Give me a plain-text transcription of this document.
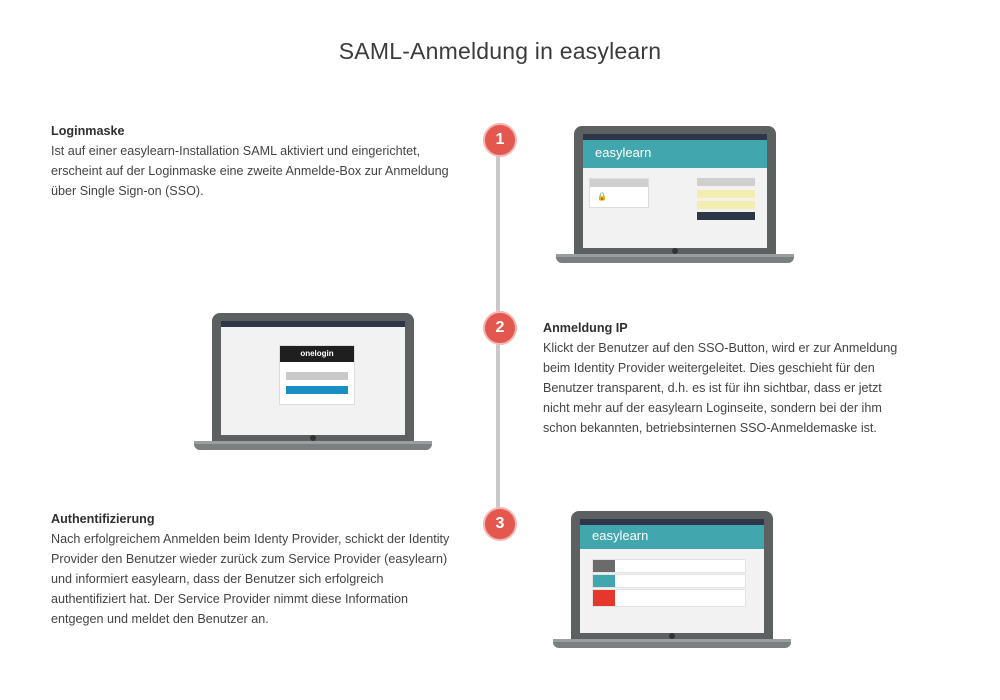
SAML-Anmeldung in easylearn
1
2
3
Loginmaske

Ist auf einer easylearn-Installation SAML aktiviert und eingerichtet, erscheint auf der Loginmaske eine zweite Anmelde-Box zur Anmeldung über Single Sign-on (SSO).

Anmeldung IP

Klickt der Benutzer auf den SSO-Button, wird er zur Anmeldung beim Identity Provider weitergeleitet. Dies geschieht für den Benutzer transparent, d.h. es ist für ihn sichtbar, dass er jetzt nicht mehr auf der easylearn Loginseite, sondern bei der ihm schon bekannten, betriebsinternen SSO-Anmeldemaske ist.

Authentifizierung

Nach erfolgreichem Anmelden beim Identy Provider, schickt der Identity Provider den Benutzer wieder zurück zum Service Provider (easylearn) und informiert easylearn, dass der Benutzer sich erfolgreich authentifiziert hat. Der Service Provider nimmt diese Information entgegen und meldet den Benutzer an.

easylearn
🔒
onelogin
easylearn
